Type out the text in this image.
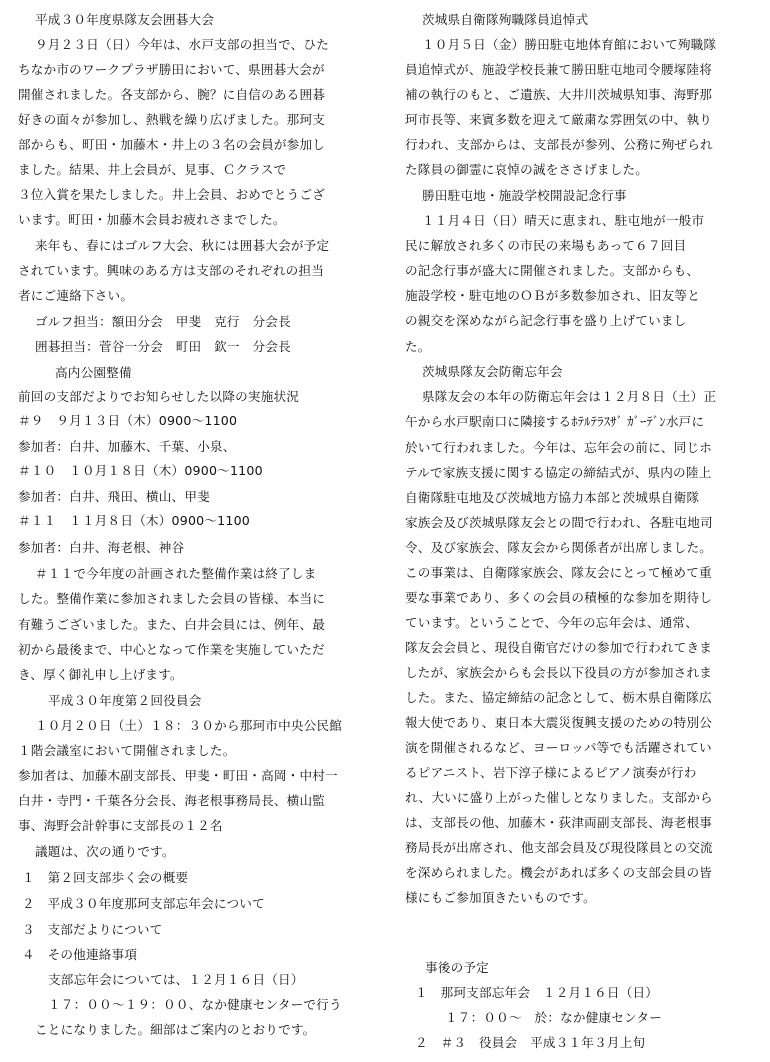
平成３０年度県隊友会囲碁大会
９月２３日（日）今年は、水戸支部の担当で、ひた
ちなか市のワークプラザ勝田において、県囲碁大会が
開催されました。各支部から、腕？に自信のある囲碁
好きの面々が参加し、熱戦を繰り広げました。那珂支
部からも、町田・加藤木・井上の３名の会員が参加し
ました。結果、井上会員が、見事、Ｃクラスで
３位入賞を果たしました。井上会員、おめでとうござ
います。町田・加藤木会員お疲れさまでした。
来年も、春にはゴルフ大会、秋には囲碁大会が予定
されています。興味のある方は支部のそれぞれの担当
者にご連絡下さい。
ゴルフ担当：額田分会　甲斐　克行　分会長
囲碁担当：菅谷一分会　町田　欽一　分会長
高内公園整備
前回の支部だよりでお知らせした以降の実施状況
＃９　９月１３日（木）0900～1100
参加者：白井、加藤木、千葉、小泉、
＃１０　１０月１８日（木）0900～1100
参加者：白井、飛田、横山、甲斐
＃１１　１１月８日（木）0900～1100
参加者：白井、海老根、神谷
＃１１で今年度の計画された整備作業は終了しま
した。整備作業に参加されました会員の皆様、本当に
有難うございました。また、白井会員には、例年、最
初から最後まで、中心となって作業を実施していただ
き、厚く御礼申し上げます。
平成３０年度第２回役員会
１０月２０日（土）１８：３０から那珂市中央公民館
１階会議室において開催されました。
参加者は、加藤木副支部長、甲斐・町田・高岡・中村一
白井・寺門・千葉各分会長、海老根事務局長、横山監
事、海野会計幹事に支部長の１２名
議題は、次の通りです。
１　第２回支部歩く会の概要
２　平成３０年度那珂支部忘年会について
３　支部だよりについて
４　その他連絡事項
支部忘年会については、１２月１６日（日）
１７：００～１９：００、なか健康センターで行う
ことになりました。細部はご案内のとおりです。
茨城県自衛隊殉職隊員追悼式
１０月５日（金）勝田駐屯地体育館において殉職隊
員追悼式が、施設学校長兼て勝田駐屯地司令腰塚陸将
補の執行のもと、ご遺族、大井川茨城県知事、海野那
珂市長等、来賓多数を迎えて厳粛な雰囲気の中、執り
行われ、支部からは、支部長が参列、公務に殉ぜられ
た隊員の御霊に哀悼の誠をささげました。
勝田駐屯地・施設学校開設記念行事
１１月４日（日）晴天に恵まれ、駐屯地が一般市
民に解放され多くの市民の来場もあって６７回目
の記念行事が盛大に開催されました。支部からも、
施設学校・駐屯地のＯＢが多数参加され、旧友等と
の親交を深めながら記念行事を盛り上げていまし
た。
茨城県隊友会防衛忘年会
県隊友会の本年の防衛忘年会は１２月８日（土）正
午から水戸駅南口に隣接するﾎﾃﾙﾃﾗｽｻﾞ ｶﾞｰﾃﾞﾝ水戸に
於いて行われました。今年は、忘年会の前に、同じホ
テルで家族支援に関する協定の締結式が、県内の陸上
自衛隊駐屯地及び茨城地方協力本部と茨城県自衛隊
家族会及び茨城県隊友会との間で行われ、各駐屯地司
令、及び家族会、隊友会から関係者が出席しました。
この事業は、自衛隊家族会、隊友会にとって極めて重
要な事業であり、多くの会員の積極的な参加を期待し
ています。ということで、今年の忘年会は、通常、
隊友会会員と、現役自衛官だけの参加で行われてきま
したが、家族会からも会長以下役員の方が参加されま
した。また、協定締結の記念として、栃木県自衛隊広
報大使であり、東日本大震災復興支援のための特別公
演を開催されるなど、ヨーロッパ等でも活躍されてい
るピアニスト、岩下淳子様によるピアノ演奏が行わ
れ、大いに盛り上がった催しとなりました。支部から
は、支部長の他、加藤木・荻津両副支部長、海老根事
務局長が出席され、他支部会員及び現役隊員との交流
を深められました。機会があれば多くの支部会員の皆
様にもご参加頂きたいものです。
事後の予定
１　那珂支部忘年会　１２月１６日（日）
１７：００～　於：なか健康センター
２　＃３　役員会　平成３１年３月上旬
